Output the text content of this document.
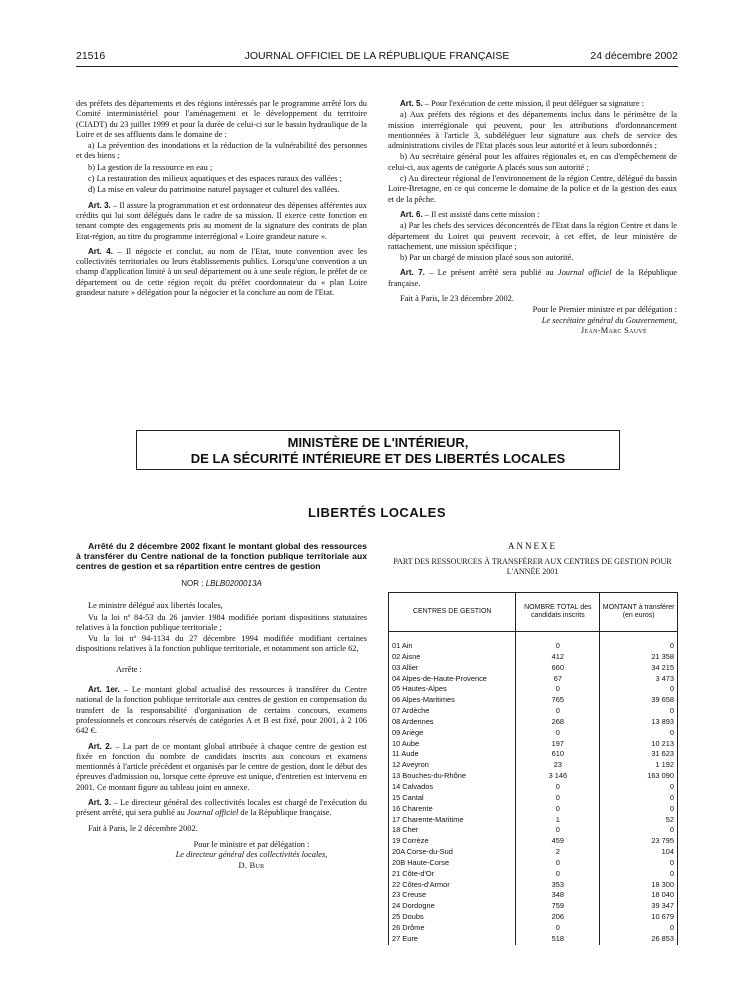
21516	JOURNAL OFFICIEL DE LA RÉPUBLIQUE FRANÇAISE	24 décembre 2002

des préfets des départements et des régions intéressés par le programme arrêté lors du Comité interministériel pour l'aménagement et le développement du territoire (CIADT) du 23 juillet 1999 et pour la durée de celui-ci sur le bassin hydraulique de la Loire et de ses affluents dans le domaine de :

a) La prévention des inondations et la réduction de la vulnérabilité des personnes et des biens ;

b) La gestion de la ressource en eau ;

c) La restauration des milieux aquatiques et des espaces ruraux des vallées ;

d) La mise en valeur du patrimoine naturel paysager et culturel des vallées.

Art. 3. – Il assure la programmation et est ordonnateur des dépenses afférentes aux crédits qui lui sont délégués dans le cadre de sa mission. Il exerce cette fonction en tenant compte des engagements pris au moment de la signature des contrats de plan Etat-région, au titre du programme interrégional « Loire grandeur nature ».

Art. 4. – Il négocie et conclut, au nom de l'Etat, toute convention avec les collectivités territoriales ou leurs établissements publics. Lorsqu'une convention a un champ d'application limité à un seul département ou à une seule région, le préfet de ce département ou de cette région reçoit du préfet coordonnateur du « plan Loire grandeur nature » délégation pour la négocier et la conclure au nom de l'Etat.

Art. 5. – Pour l'exécution de cette mission, il peut déléguer sa signature :

a) Aux préfets des régions et des départements inclus dans le périmètre de la mission interrégionale qui peuvent, pour les attributions d'ordonnancement mentionnées à l'article 3, subdéléguer leur signature aux chefs de service des administrations civiles de l'Etat placés sous leur autorité et à leurs subordonnés ;

b) Au secrétaire général pour les affaires régionales et, en cas d'empêchement de celui-ci, aux agents de catégorie A placés sous son autorité ;

c) Au directeur régional de l'environnement de la région Centre, délégué du bassin Loire-Bretagne, en ce qui concerne le domaine de la police et de la gestion des eaux et de la pêche.

Art. 6. – Il est assisté dans cette mission :

a) Par les chefs des services déconcentrés de l'Etat dans la région Centre et dans le département du Loiret qui peuvent recevoir, à cet effet, de leur ministère de rattachement, une mission spécifique ;

b) Par un chargé de mission placé sous son autorité.

Art. 7. – Le présent arrêté sera publié au Journal officiel de la République française.

Fait à Paris, le 23 décembre 2002.

Pour le Premier ministre et par délégation :
Le secrétaire général du Gouvernement,
Jean-Marc Sauvé
MINISTÈRE DE L'INTÉRIEUR,
DE LA SÉCURITÉ INTÉRIEURE ET DES LIBERTÉS LOCALES
LIBERTÉS LOCALES

Arrêté du 2 décembre 2002 fixant le montant global des ressources à transférer du Centre national de la fonction publique territoriale aux centres de gestion et sa répartition entre centres de gestion

NOR : LBLB0200013A

Le ministre délégué aux libertés locales,

Vu la loi nº 84-53 du 26 janvier 1984 modifiée portant dispositions statutaires relatives à la fonction publique territoriale ;

Vu la loi nº 94-1134 du 27 décembre 1994 modifiée modifiant certaines dispositions relatives à la fonction publique territoriale, et notamment son article 62,

Arrête :

Art. 1er. – Le montant global actualisé des ressources à transférer du Centre national de la fonction publique territoriale aux centres de gestion en compensation du transfert de la responsabilité d'organisation de certains concours, examens professionnels et concours réservés de catégories A et B est fixé, pour 2001, à 2 106 642 €.

Art. 2. – La part de ce montant global attribuée à chaque centre de gestion est fixée en fonction du nombre de candidats inscrits aux concours et examens mentionnés à l'article précédent et organisés par le centre de gestion, dont le début des épreuves d'admission ou, lorsque cette épreuve est unique, d'entretien est intervenu en 2001. Ce montant figure au tableau joint en annexe.

Art. 3. – Le directeur général des collectivités locales est chargé de l'exécution du présent arrêté, qui sera publié au Journal officiel de la République française.

Fait à Paris, le 2 décembre 2002.

Pour le ministre et par délégation :
Le directeur général des collectivités locales,
D. Bur
ANNEXE
PART DES RESSOURCES À TRANSFÉRER AUX CENTRES DE GESTION POUR L'ANNÉE 2001
CENTRES DE GESTION	NOMBRE TOTAL des candidats inscrits	MONTANT à transférer (en euros)

01 Ain	0	0
02 Aisne	412	21 358
03 Allier	660	34 215
04 Alpes-de-Haute-Provence	67	3 473
05 Hautes-Alpes	0	0
06 Alpes-Maritimes	765	39 658
07 Ardèche	0	0
08 Ardennes	268	13 893
09 Ariège	0	0
10 Aube	197	10 213
11 Aude	610	31 623
12 Aveyron	23	1 192
13 Bouches-du-Rhône	3 146	163 090
14 Calvados	0	0
15 Cantal	0	0
16 Charente	0	0
17 Charente-Maritime	1	52
18 Cher	0	0
19 Corrèze	459	23 795
20A Corse-du-Sud	2	104
20B Haute-Corse	0	0
21 Côte-d'Or	0	0
22 Côtes-d'Armor	353	18 300
23 Creuse	348	18 040
24 Dordogne	759	39 347
25 Doubs	206	10 679
26 Drôme	0	0
27 Eure	518	26 853
